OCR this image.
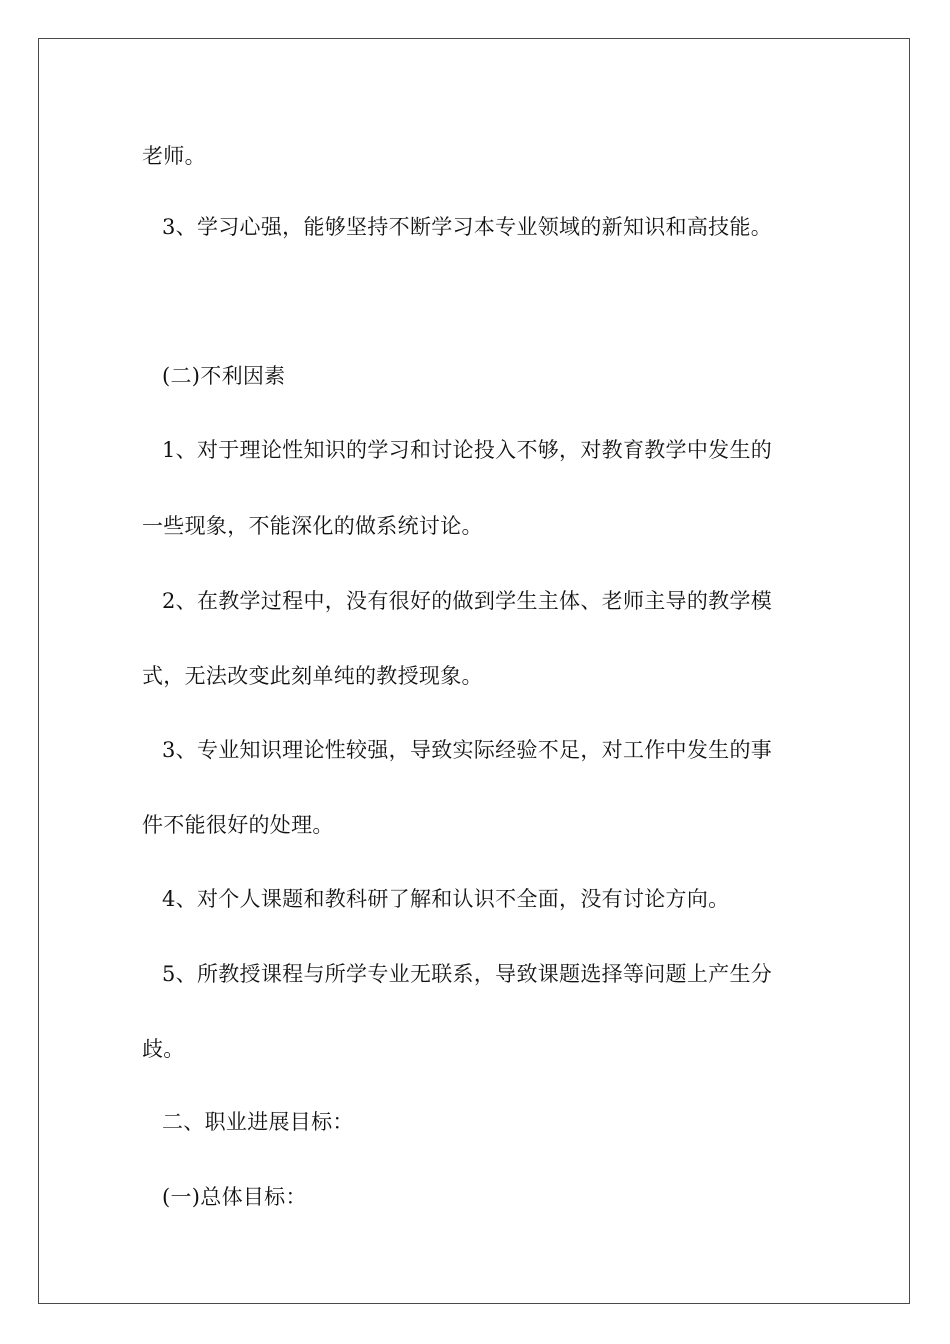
老师。
3、学习心强，能够坚持不断学习本专业领域的新知识和高技能。
(二)不利因素
1、对于理论性知识的学习和讨论投入不够，对教育教学中发生的
一些现象，不能深化的做系统讨论。
2、在教学过程中，没有很好的做到学生主体、老师主导的教学模
式，无法改变此刻单纯的教授现象。
3、专业知识理论性较强，导致实际经验不足，对工作中发生的事
件不能很好的处理。
4、对个人课题和教科研了解和认识不全面，没有讨论方向。
5、所教授课程与所学专业无联系，导致课题选择等问题上产生分
歧。
二、职业进展目标：
(一)总体目标：
